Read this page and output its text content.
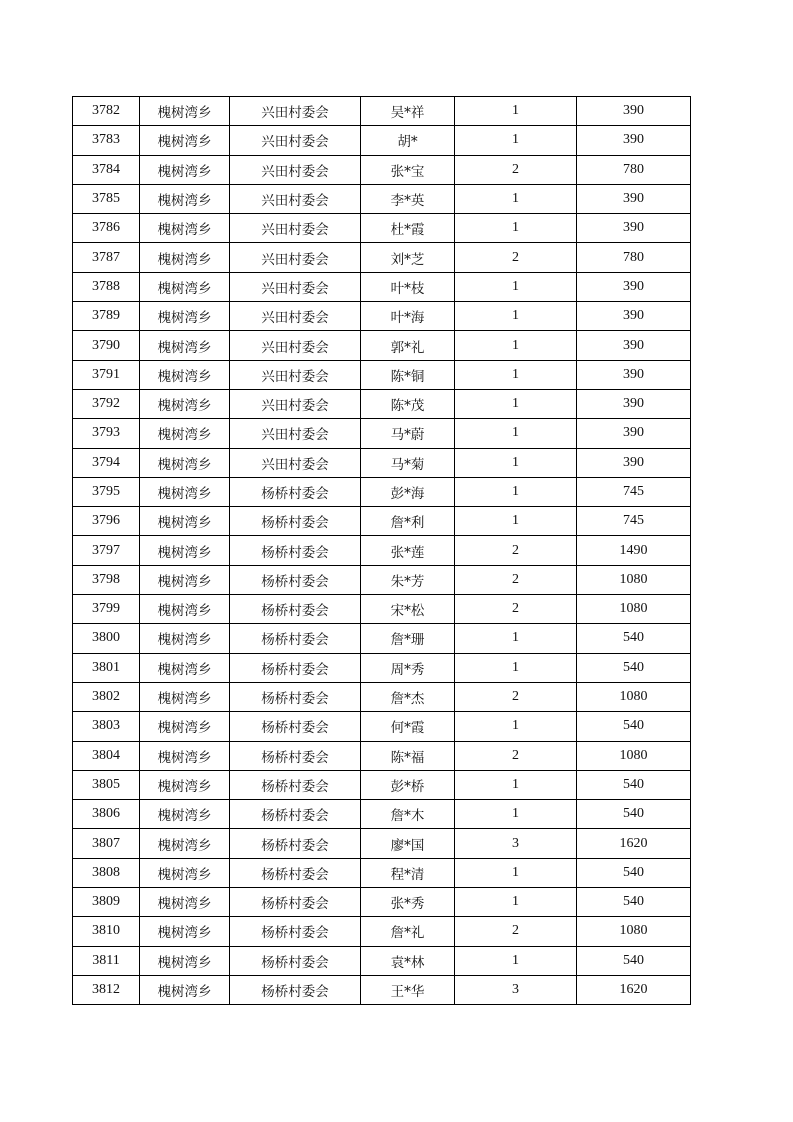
3782	槐树湾乡	兴田村委会	吴*祥	1	390
3783	槐树湾乡	兴田村委会	胡*	1	390
3784	槐树湾乡	兴田村委会	张*宝	2	780
3785	槐树湾乡	兴田村委会	李*英	1	390
3786	槐树湾乡	兴田村委会	杜*霞	1	390
3787	槐树湾乡	兴田村委会	刘*芝	2	780
3788	槐树湾乡	兴田村委会	叶*枝	1	390
3789	槐树湾乡	兴田村委会	叶*海	1	390
3790	槐树湾乡	兴田村委会	郭*礼	1	390
3791	槐树湾乡	兴田村委会	陈*铜	1	390
3792	槐树湾乡	兴田村委会	陈*茂	1	390
3793	槐树湾乡	兴田村委会	马*蔚	1	390
3794	槐树湾乡	兴田村委会	马*菊	1	390
3795	槐树湾乡	杨桥村委会	彭*海	1	745
3796	槐树湾乡	杨桥村委会	詹*利	1	745
3797	槐树湾乡	杨桥村委会	张*莲	2	1490
3798	槐树湾乡	杨桥村委会	朱*芳	2	1080
3799	槐树湾乡	杨桥村委会	宋*松	2	1080
3800	槐树湾乡	杨桥村委会	詹*珊	1	540
3801	槐树湾乡	杨桥村委会	周*秀	1	540
3802	槐树湾乡	杨桥村委会	詹*杰	2	1080
3803	槐树湾乡	杨桥村委会	何*霞	1	540
3804	槐树湾乡	杨桥村委会	陈*福	2	1080
3805	槐树湾乡	杨桥村委会	彭*桥	1	540
3806	槐树湾乡	杨桥村委会	詹*木	1	540
3807	槐树湾乡	杨桥村委会	廖*国	3	1620
3808	槐树湾乡	杨桥村委会	程*清	1	540
3809	槐树湾乡	杨桥村委会	张*秀	1	540
3810	槐树湾乡	杨桥村委会	詹*礼	2	1080
3811	槐树湾乡	杨桥村委会	袁*林	1	540
3812	槐树湾乡	杨桥村委会	王*华	3	1620
